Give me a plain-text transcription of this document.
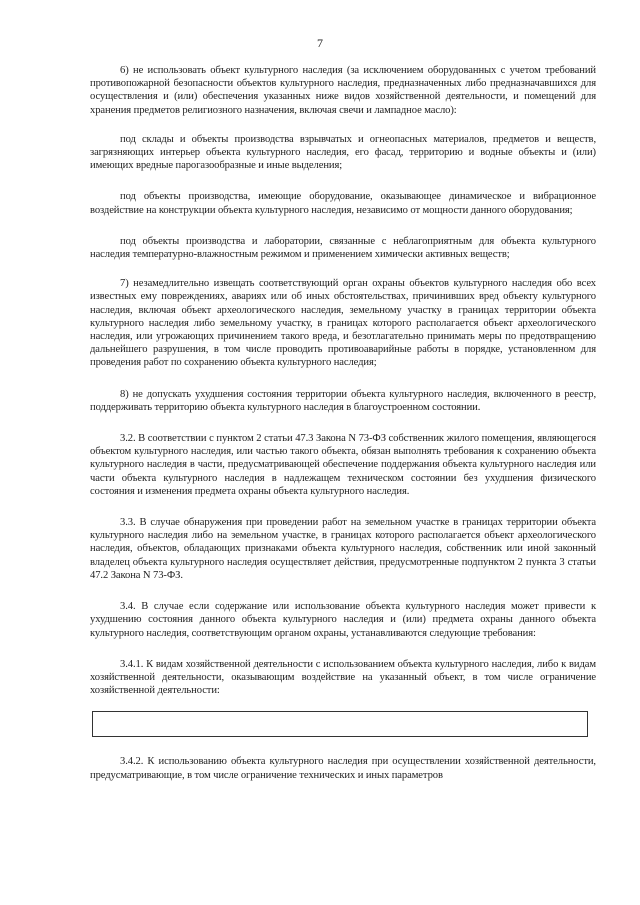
7

6) не использовать объект культурного наследия (за исключением оборудованных с учетом требований противопожарной безопасности объектов культурного наследия, предназначенных либо предназначавшихся для осуществления и (или) обеспечения указанных ниже видов хозяйственной деятельности, и помещений для хранения предметов религиозного назначения, включая свечи и лампадное масло):

под склады и объекты производства взрывчатых и огнеопасных материалов, предметов и веществ, загрязняющих интерьер объекта культурного наследия, его фасад, территорию и водные объекты и (или) имеющих вредные парогазообразные и иные выделения;

под объекты производства, имеющие оборудование, оказывающее динамическое и вибрационное воздействие на конструкции объекта культурного наследия, независимо от мощности данного оборудования;

под объекты производства и лаборатории, связанные с неблагоприятным для объекта культурного наследия температурно-влажностным режимом и применением химически активных веществ;

7) незамедлительно извещать соответствующий орган охраны объектов культурного наследия обо всех известных ему повреждениях, авариях или об иных обстоятельствах, причинивших вред объекту культурного наследия, включая объект археологического наследия, земельному участку в границах территории объекта культурного наследия либо земельному участку, в границах которого располагается объект археологического наследия, или угрожающих причинением такого вреда, и безотлагательно принимать меры по предотвращению дальнейшего разрушения, в том числе проводить противоаварийные работы в порядке, установленном для проведения работ по сохранению объекта культурного наследия;

8) не допускать ухудшения состояния территории объекта культурного наследия, включенного в реестр, поддерживать территорию объекта культурного наследия в благоустроенном состоянии.

3.2. В соответствии с пунктом 2 статьи 47.3 Закона N 73-ФЗ собственник жилого помещения, являющегося объектом культурного наследия, или частью такого объекта, обязан выполнять требования к сохранению объекта культурного наследия в части, предусматривающей обеспечение поддержания объекта культурного наследия или части объекта культурного наследия в надлежащем техническом состоянии без ухудшения физического состояния и изменения предмета охраны объекта культурного наследия.

3.3. В случае обнаружения при проведении работ на земельном участке в границах территории объекта культурного наследия либо на земельном участке, в границах которого располагается объект археологического наследия, объектов, обладающих признаками объекта культурного наследия, собственник или иной законный владелец объекта культурного наследия осуществляет действия, предусмотренные подпунктом 2 пункта 3 статьи 47.2 Закона N 73-ФЗ.

3.4. В случае если содержание или использование объекта культурного наследия может привести к ухудшению состояния данного объекта культурного наследия и (или) предмета охраны данного объекта культурного наследия, соответствующим органом охраны, устанавливаются следующие требования:

3.4.1. К видам хозяйственной деятельности с использованием объекта культурного наследия, либо к видам хозяйственной деятельности, оказывающим воздействие на указанный объект, в том числе ограничение хозяйственной деятельности:

3.4.2. К использованию объекта культурного наследия при осуществлении хозяйственной деятельности, предусматривающие, в том числе ограничение технических и иных параметров
